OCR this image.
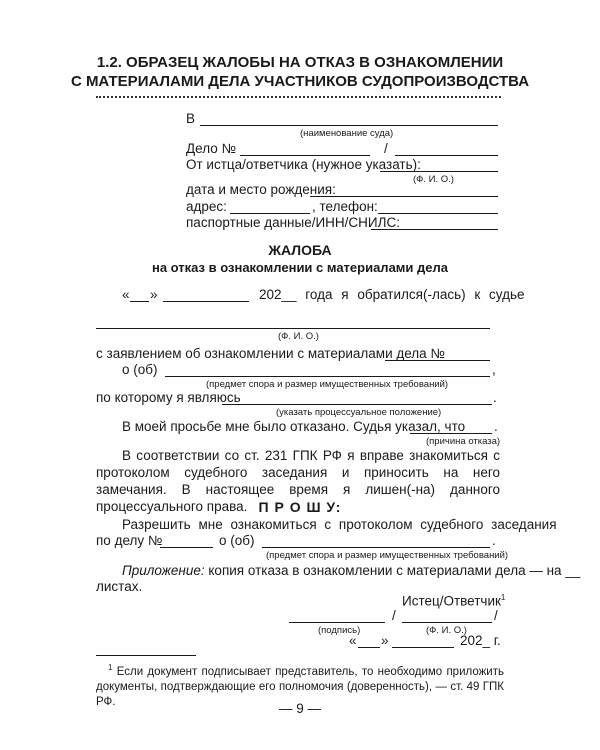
1.2. ОБРАЗЕЦ ЖАЛОБЫ НА ОТКАЗ В ОЗНАКОМЛЕНИИ
С МАТЕРИАЛАМИ ДЕЛА УЧАСТНИКОВ СУДОПРОИЗВОДСТВА
В
(наименование суда)
Дело №	/
От истца/ответчика (нужное указать):
(Ф. И. О.)
дата и место рождения:
адрес:	, телефон:
паспортные данные/ИНН/СНИЛС:
ЖАЛОБА
на отказ в ознакомлении с материалами дела
« »	202__ года я обратился(-лась) к судье
(Ф. И. О.)
с заявлением об ознакомлении с материалами дела №
о (об)	,
(предмет спора и размер имущественных требований)
по которому я являюсь	.
(указать процессуальное положение)
В моей просьбе мне было отказано. Судья указал, что .
(причина отказа)
В соответствии со ст. 231 ГПК РФ я вправе знакомиться с протоколом судебного заседания и приносить на него замечания. В настоящее время я лишен(-на) данного процессуального права. П Р О Ш У:
Разрешить мне ознакомиться с протоколом судебного заседания
по делу №	о (об)	.
(предмет спора и размер имущественных требований)
Приложение: копия отказа в ознакомлении с материалами дела — на __
листах.
Истец/Ответчик$^1$
/	/
(подпись)	(Ф. И. О.)
« »	202_ г.
$^1$ Если документ подписывает представитель, то необходимо приложить документы, подтверждающие его полномочия (доверенность), — ст. 49 ГПК РФ.	— 9 —
